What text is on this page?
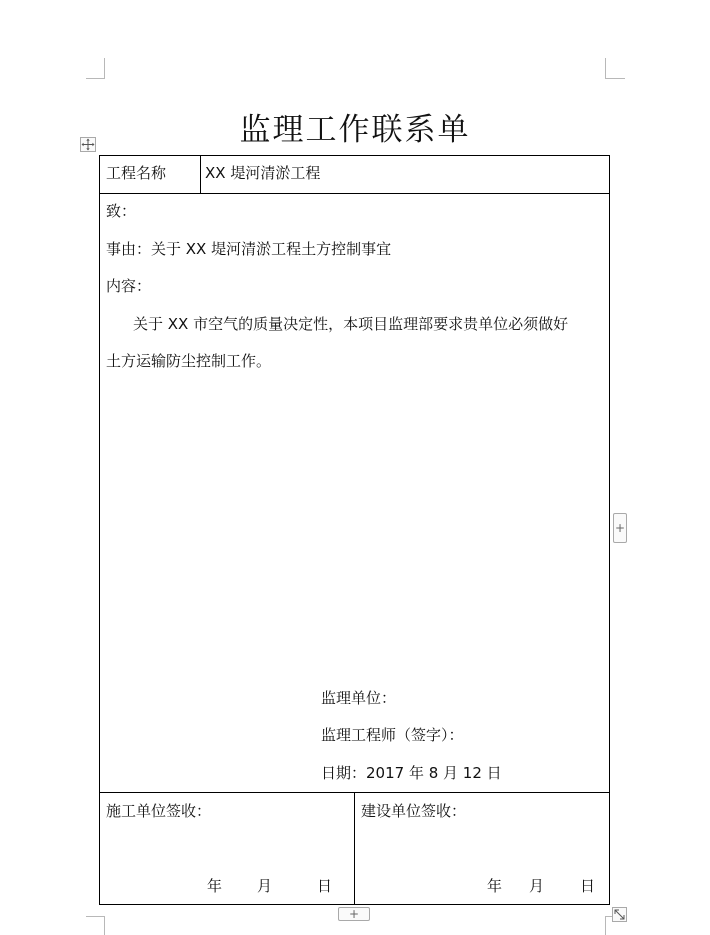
监理工作联系单
工程名称	XX 堤河清淤工程
致：
事由：关于 XX 堤河清淤工程土方控制事宜
内容：
关于 XX 市空气的质量决定性，本项目监理部要求贵单位必须做好
土方运输防尘控制工作。
监理单位：
监理工程师（签字）：
日期：2017 年 8 月 12 日
施工单位签收：
年 月	日
建设单位签收：
年 月 日
+
+
